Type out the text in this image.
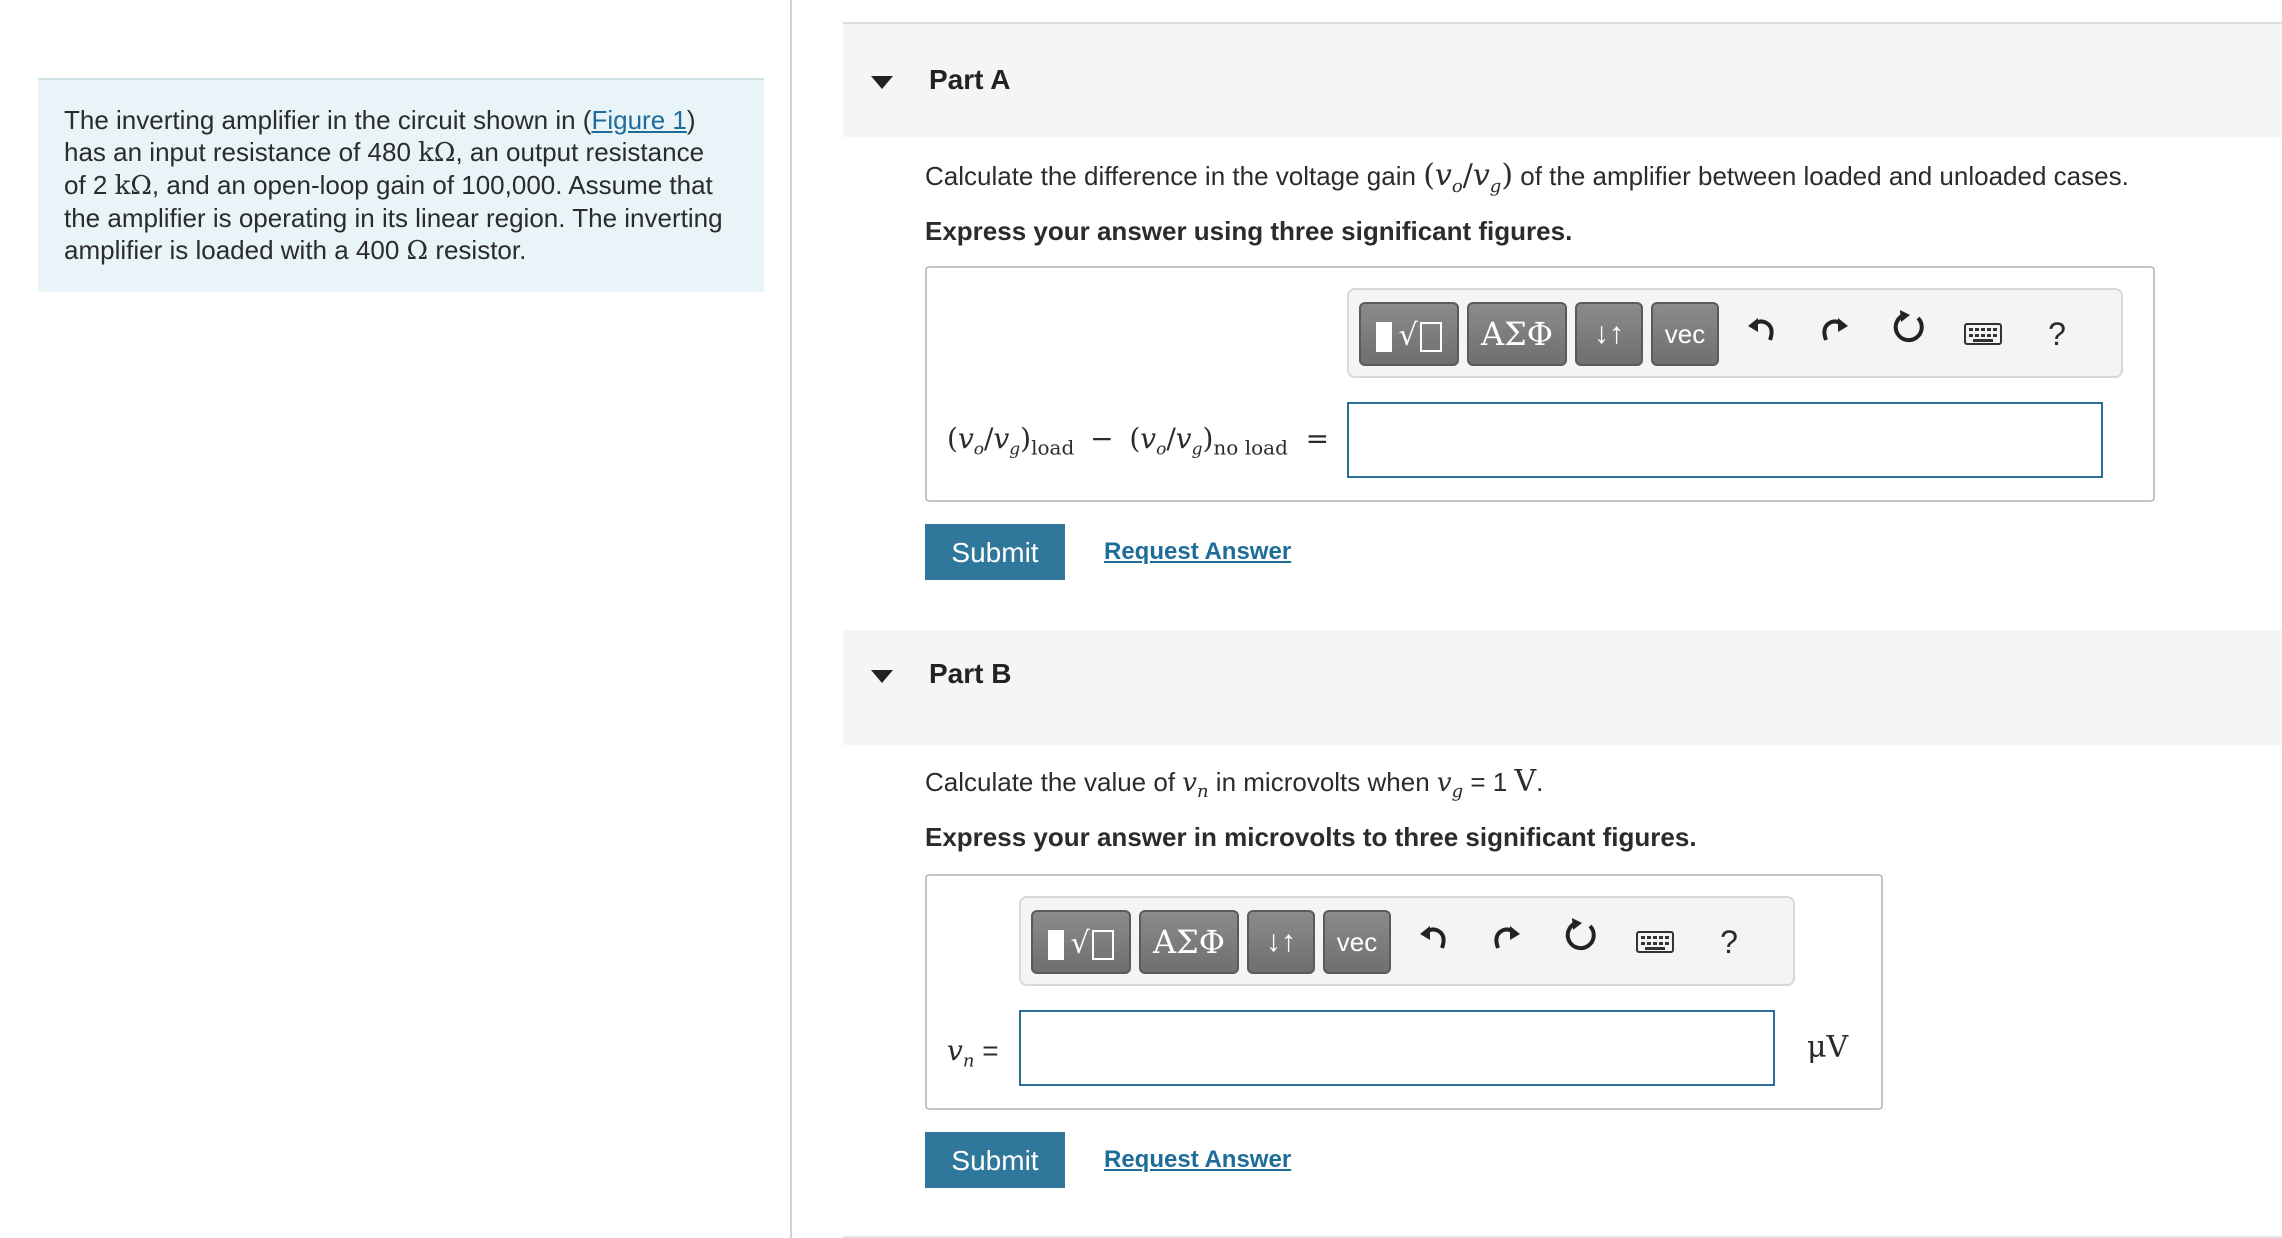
The inverting amplifier in the circuit shown in (Figure 1)
has an input resistance of 480 kΩ, an output resistance
of 2 kΩ, and an open-loop gain of 100,000. Assume that
the amplifier is operating in its linear region. The inverting
amplifier is loaded with a 400 Ω resistor.
Part A
Calculate the difference in the voltage gain $(v_o/v_g)$ of the amplifier between loaded and unloaded cases.
Express your answer using three significant figures.
√	ΑΣΦ	↓↑	vec	?
$(v_o/v_g)_{load} - (v_o/v_g)_{no load}$ =
Submit	Request Answer
Part B
Calculate the value of $v_n$ in microvolts when $v_g = 1$ V.
Express your answer in microvolts to three significant figures.
√	ΑΣΦ	↓↑	vec	?
$v_n$ =	μV
Submit	Request Answer
